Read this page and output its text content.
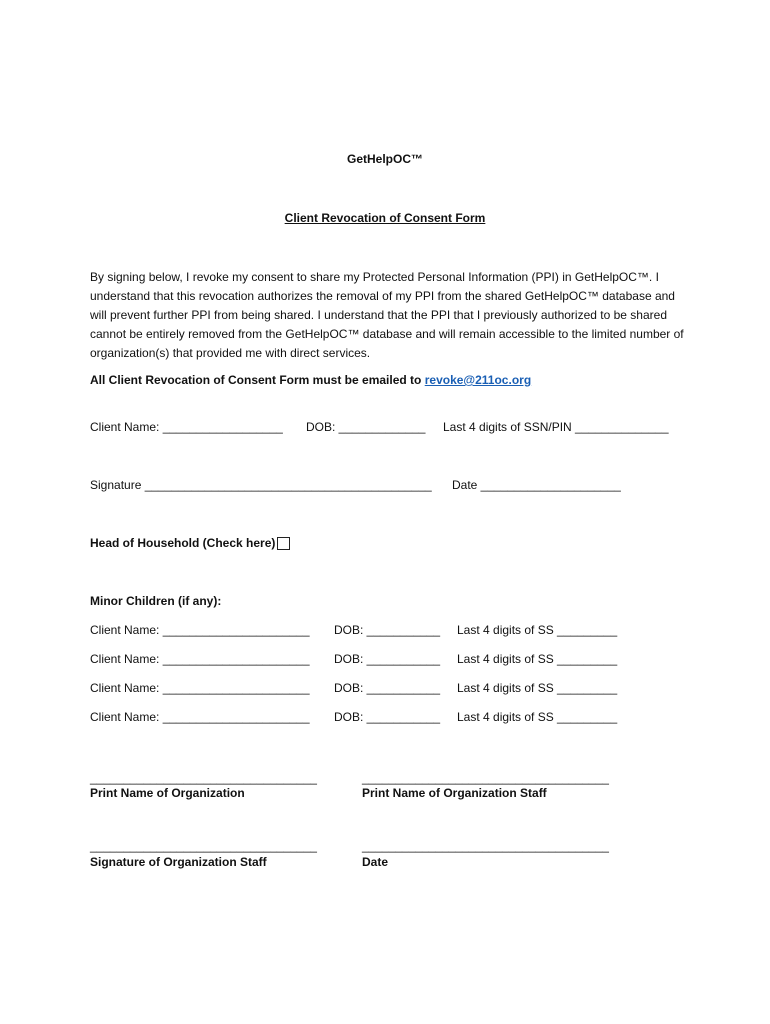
GetHelpOC™
Client Revocation of Consent Form
By signing below, I revoke my consent to share my Protected Personal Information (PPI) in GetHelpOC™. I understand that this revocation authorizes the removal of my PPI from the shared GetHelpOC™ database and will prevent further PPI from being shared. I understand that the PPI that I previously authorized to be shared cannot be entirely removed from the GetHelpOC™ database and will remain accessible to the limited number of organization(s) that provided me with direct services.
All Client Revocation of Consent Form must be emailed to revoke@211oc.org
Client Name: __________________ DOB: _____________ Last 4 digits of SSN/PIN ______________
Signature ___________________________________________ Date _____________________
Head of Household (Check here)
Minor Children (if any):
Client Name: ______________________ DOB: ___________ Last 4 digits of SS _________
Client Name: ______________________ DOB: ___________ Last 4 digits of SS _________
Client Name: ______________________ DOB: ___________ Last 4 digits of SS _________
Client Name: ______________________ DOB: ___________ Last 4 digits of SS _________
__________________________________	_____________________________________
Print Name of Organization	Print Name of Organization Staff
__________________________________	_____________________________________
Signature of Organization Staff	Date
